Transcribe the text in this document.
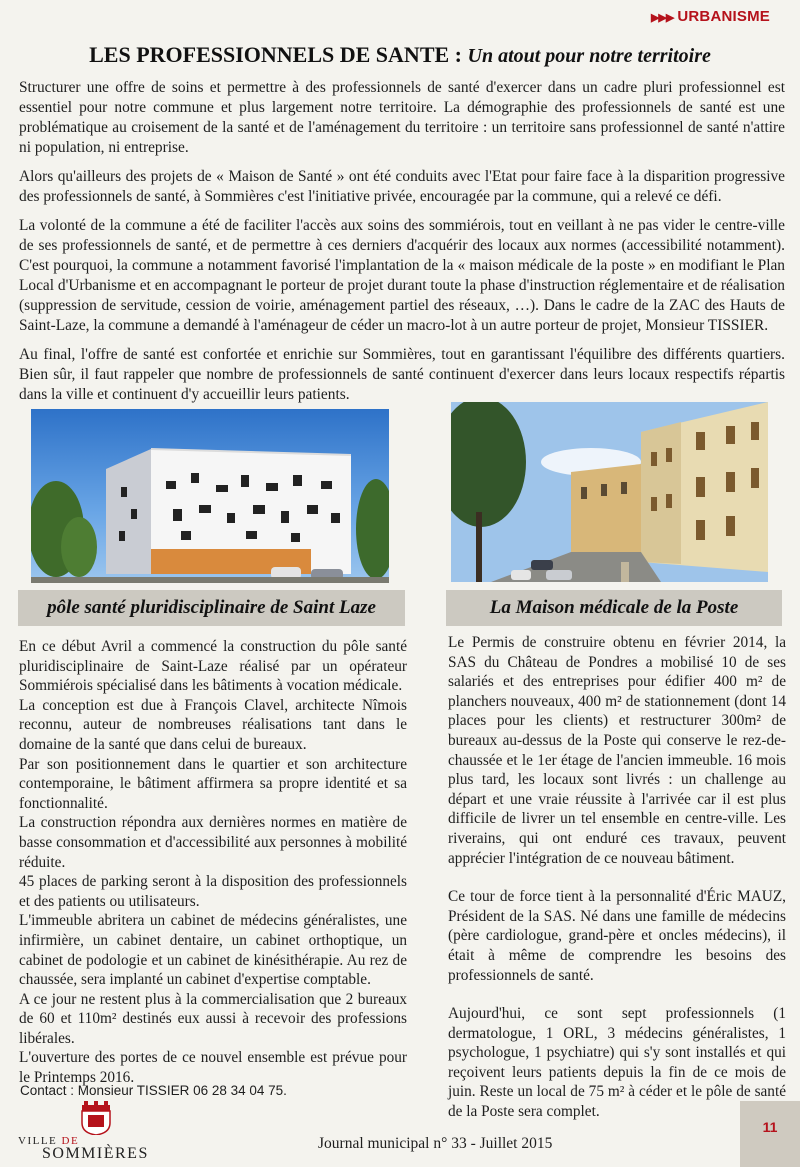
▶▶▶ URBANISME
LES PROFESSIONNELS DE SANTE : Un atout pour notre territoire

Structurer une offre de soins et permettre à des professionnels de santé d'exercer dans un cadre pluri professionnel est essentiel pour notre commune et plus largement notre territoire. La démographie des professionnels de santé est une problématique au croisement de la santé et de l'aménagement du territoire : un territoire sans professionnel de santé n'attire ni population, ni entreprise.

Alors qu'ailleurs des projets de « Maison de Santé » ont été conduits avec l'Etat pour faire face à la disparition progressive des professionnels de santé, à Sommières c'est l'initiative privée, encouragée par la commune, qui a relevé ce défi.

La volonté de la commune a été de faciliter l'accès aux soins des sommiérois, tout en veillant à ne pas vider le centre-ville de ses professionnels de santé, et de permettre à ces derniers d'acquérir des locaux aux normes (accessibilité notamment). C'est pourquoi, la commune a notamment favorisé l'implantation de la « maison médicale de la poste » en modifiant le Plan Local d'Urbanisme et en accompagnant le porteur de projet durant toute la phase d'instruction réglementaire et de réalisation (suppression de servitude, cession de voirie, aménagement partiel des réseaux, …). Dans le cadre de la ZAC des Hauts de Saint-Laze, la commune a demandé à l'aménageur de céder un macro-lot à un autre porteur de projet, Monsieur TISSIER.

Au final, l'offre de santé est confortée et enrichie sur Sommières, tout en garantissant l'équilibre des différents quartiers. Bien sûr, il faut rappeler que nombre de professionnels de santé continuent d'exercer dans leurs locaux respectifs répartis dans la ville et continuent d'y accueillir leurs patients.

pôle santé pluridisciplinaire de Saint Laze	La Maison médicale de la Poste

En ce début Avril a commencé la construction du pôle santé pluridisciplinaire de Saint-Laze réalisé par un opérateur Sommiérois spécialisé dans les bâtiments à vocation médicale.

La conception est due à François Clavel, architecte Nîmois reconnu, auteur de nombreuses réalisations tant dans le domaine de la santé que dans celui de bureaux.

Par son positionnement dans le quartier et son architecture contemporaine, le bâtiment affirmera sa propre identité et sa fonctionnalité.

La construction répondra aux dernières normes en matière de basse consommation et d'accessibilité aux personnes à mobilité réduite.

45 places de parking seront à la disposition des professionnels et des patients ou utilisateurs.

L'immeuble abritera un cabinet de médecins généralistes, une infirmière, un cabinet dentaire, un cabinet orthoptique, un cabinet de podologie et un cabinet de kinésithérapie. Au rez de chaussée, sera implanté un cabinet d'expertise comptable.

A ce jour ne restent plus à la commercialisation que 2 bureaux de 60 et 110m² destinés eux aussi à recevoir des professions libérales.

L'ouverture des portes de ce nouvel ensemble est prévue pour le Printemps 2016.

Contact : Monsieur TISSIER 06 28 34 04 75.

Le Permis de construire obtenu en février 2014, la SAS du Château de Pondres a mobilisé 10 de ses salariés et des entreprises pour édifier 400 m² de planchers nouveaux, 400 m² de stationnement (dont 14 places pour les clients) et restructurer 300m² de bureaux au-dessus de la Poste qui conserve le rez-de-chaussée et le 1er étage de l'ancien immeuble. 16 mois plus tard, les locaux sont livrés : un challenge au départ et une vraie réussite à l'arrivée car il est plus difficile de livrer un tel ensemble en centre-ville. Les riverains, qui ont enduré ces travaux, peuvent apprécier l'intégration de ce nouveau bâtiment.

Ce tour de force tient à la personnalité d'Éric MAUZ, Président de la SAS. Né dans une famille de médecins (père cardiologue, grand-père et oncles médecins), il était à même de comprendre les besoins des professionnels de santé.

Aujourd'hui, ce sont sept professionnels (1 dermatologue, 1 ORL, 3 médecins généralistes, 1 psychologue, 1 psychiatre) qui s'y sont installés et qui reçoivent leurs patients depuis la fin de ce mois de juin. Reste un local de 75 m² à céder et le pôle de santé de la Poste sera complet.

VILLE DE
SOMMIÈRES
Journal municipal n° 33 - Juillet 2015
11
